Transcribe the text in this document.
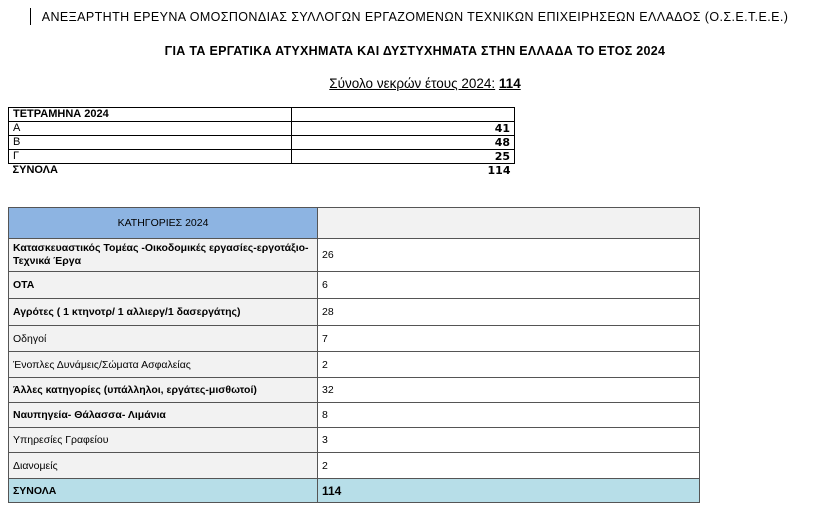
ΑΝΕΞΑΡΤΗΤΗ ΕΡΕΥΝΑ ΟΜΟΣΠΟΝΔΙΑΣ ΣΥΛΛΟΓΩΝ ΕΡΓΑΖΟΜΕΝΩΝ ΤΕΧΝΙΚΩΝ ΕΠΙΧΕΙΡΗΣΕΩΝ ΕΛΛΑΔΟΣ (Ο.Σ.Ε.Τ.Ε.Ε.)
ΓΙΑ ΤΑ ΕΡΓΑΤΙΚΑ ΑΤΥΧΗΜΑΤΑ ΚΑΙ ΔΥΣΤΥΧΗΜΑΤΑ ΣΤΗΝ ΕΛΛΑΔΑ ΤΟ ΕΤΟΣ 2024
Σύνολο νεκρών έτους 2024: 114
ΤΕΤΡΑΜΗΝΑ 2024	
Α	41
Β	48
Γ	25
ΣΥΝΟΛΑ	114
ΚΑΤΗΓΟΡΙΕΣ 2024	
Κατασκευαστικός Τομέας -Οικοδομικές εργασίες-εργοτάξιο-Τεχνικά Έργα	26
ΟΤΑ	6
Αγρότες ( 1 κτηνοτρ/ 1 αλλιεργ/1 δασεργάτης)	28
Οδηγοί	7
Ένοπλες Δυνάμεις/Σώματα Ασφαλείας	2
Άλλες κατηγορίες (υπάλληλοι, εργάτες-μισθωτοί)	32
Ναυπηγεία- Θάλασσα- Λιμάνια	8
Υπηρεσίες Γραφείου	3
Διανομείς	2
ΣΥΝΟΛΑ	114
